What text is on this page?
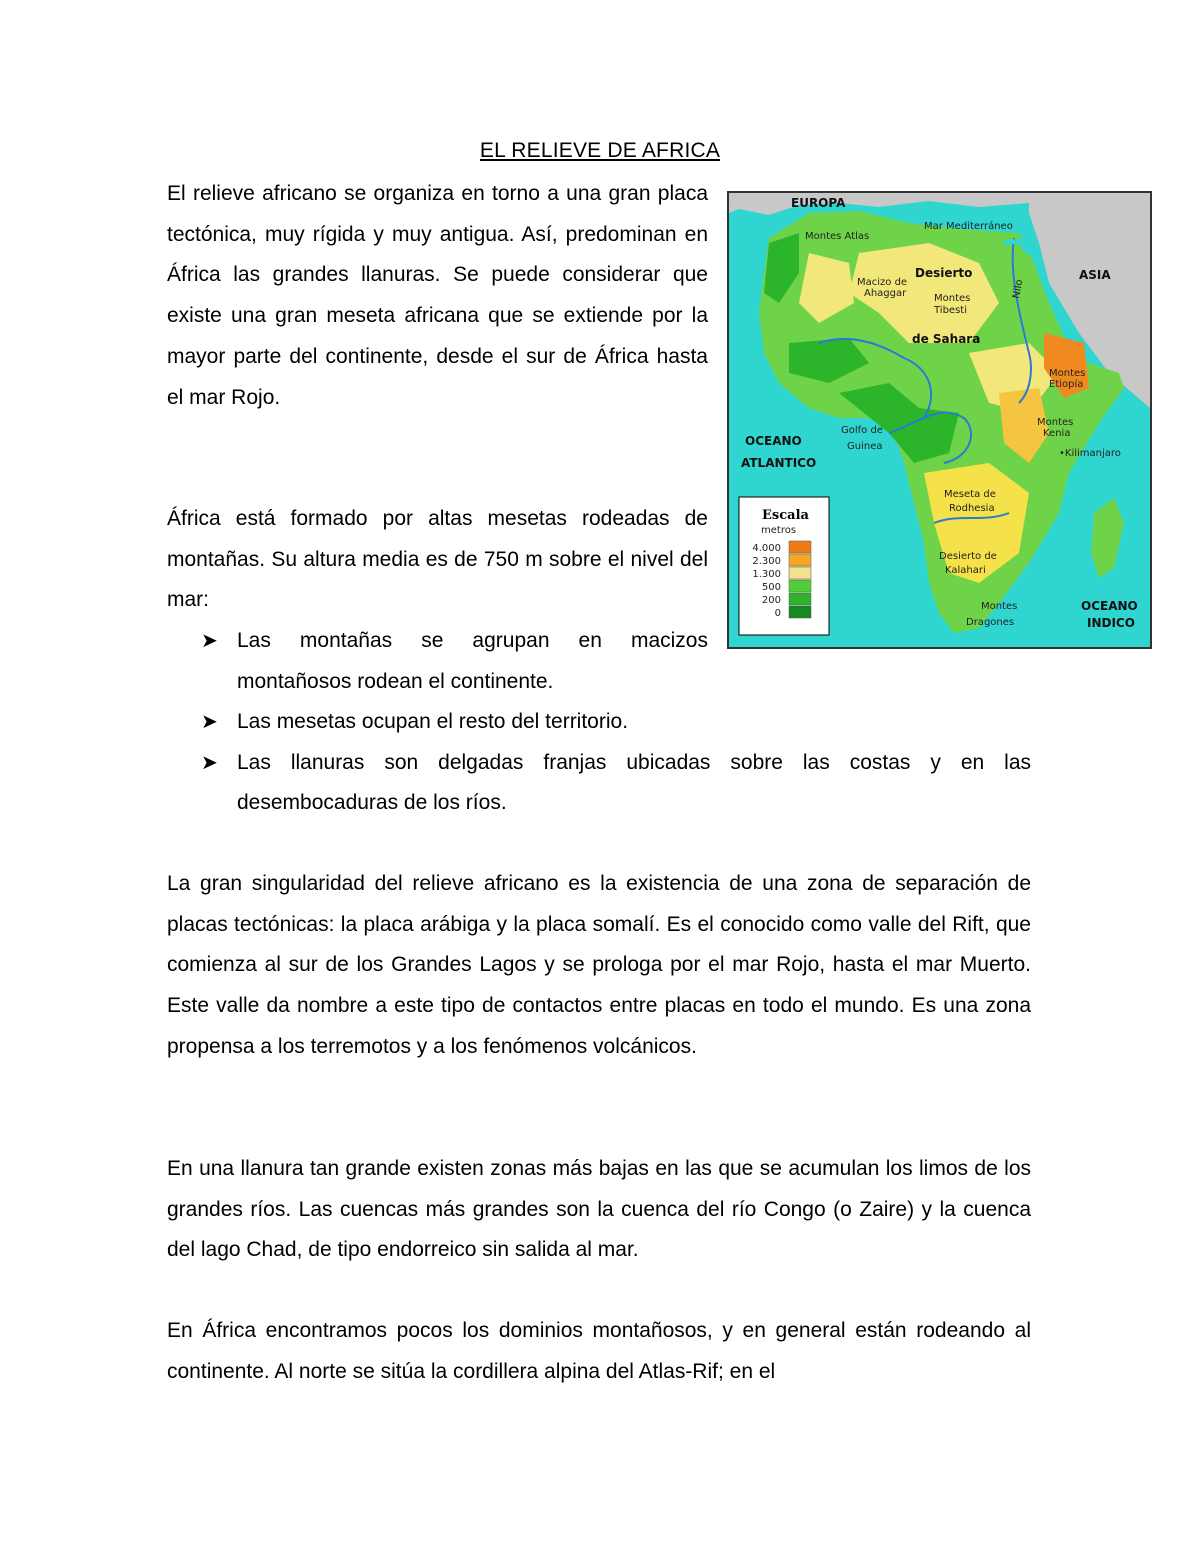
EL RELIEVE DE AFRICA

El relieve africano se organiza en torno a una gran placa tectónica, muy rígida y muy antigua. Así, predominan en África las grandes llanuras. Se puede considerar que existe una gran meseta africana que se extiende por la mayor parte del continente, desde el sur de África hasta el mar Rojo.

África está formado por altas mesetas rodeadas de montañas. Su altura media es de 750 m sobre el nivel del mar:

➤ Las montañas se agrupan en macizos montañosos rodean el continente.
➤ Las mesetas ocupan el resto del territorio.
➤ Las llanuras son delgadas franjas ubicadas sobre las costas y en las desembocaduras de los ríos.

La gran singularidad del relieve africano es la existencia de una zona de separación de placas tectónicas: la placa arábiga y la placa somalí. Es el conocido como valle del Rift, que comienza al sur de los Grandes Lagos y se prologa por el mar Rojo, hasta el mar Muerto. Este valle da nombre a este tipo de contactos entre placas en todo el mundo. Es una zona propensa a los terremotos y a los fenómenos volcánicos.

En una llanura tan grande existen zonas más bajas en las que se acumulan los limos de los grandes ríos. Las cuencas más grandes son la cuenca del río Congo (o Zaire) y la cuenca del lago Chad, de tipo endorreico sin salida al mar.

En África encontramos pocos los dominios montañosos, y en general están rodeando al continente. Al norte se sitúa la cordillera alpina del Atlas-Rif; en el

EUROPA
ASIA
Montes Atlas
Mar Mediterráneo
Macizo de
Ahaggar
Desierto
de Sahara
Montes
Tibesti
Nilo
Montes
Etiopía
Montes
Kenia
•Kilimanjaro
Golfo de
Guinea
OCEANO
ATLANTICO
Meseta de
Rodhesia
Desierto de
Kalahari
Montes
Dragones
OCEANO
INDICO
Escala
metros
4.000
2.300
1.300
500
200
0
